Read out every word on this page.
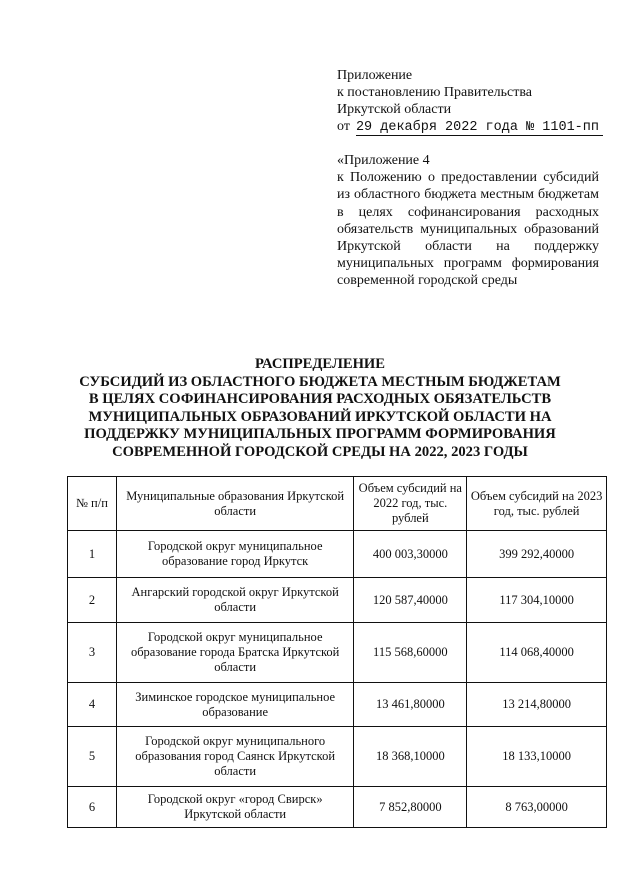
Приложение
к постановлению Правительства
Иркутской области
от 29 декабря 2022 года № 1101-пп
«Приложение 4
к Положению о предоставлении субсидий из областного бюджета местным бюджетам в целях софинансирования расходных обязательств муниципальных образований Иркутской области на поддержку муниципальных программ формирования современной городской среды
РАСПРЕДЕЛЕНИЕ
СУБСИДИЙ ИЗ ОБЛАСТНОГО БЮДЖЕТА МЕСТНЫМ БЮДЖЕТАМ
В ЦЕЛЯХ СОФИНАНСИРОВАНИЯ РАСХОДНЫХ ОБЯЗАТЕЛЬСТВ
МУНИЦИПАЛЬНЫХ ОБРАЗОВАНИЙ ИРКУТСКОЙ ОБЛАСТИ НА
ПОДДЕРЖКУ МУНИЦИПАЛЬНЫХ ПРОГРАММ ФОРМИРОВАНИЯ
СОВРЕМЕННОЙ ГОРОДСКОЙ СРЕДЫ НА 2022, 2023 ГОДЫ
№ п/п	Муниципальные образования Иркутской области	Объем субсидий на 2022 год, тыс. рублей	Объем субсидий на 2023 год, тыс. рублей
1	Городской округ муниципальное образование город Иркутск	400 003,30000	399 292,40000
2	Ангарский городской округ Иркутской области	120 587,40000	117 304,10000
3	Городской округ муниципальное образование города Братска Иркутской области	115 568,60000	114 068,40000
4	Зиминское городское муниципальное образование	13 461,80000	13 214,80000
5	Городской округ муниципального образования город Саянск Иркутской области	18 368,10000	18 133,10000
6	Городской округ «город Свирск» Иркутской области	7 852,80000	8 763,00000
